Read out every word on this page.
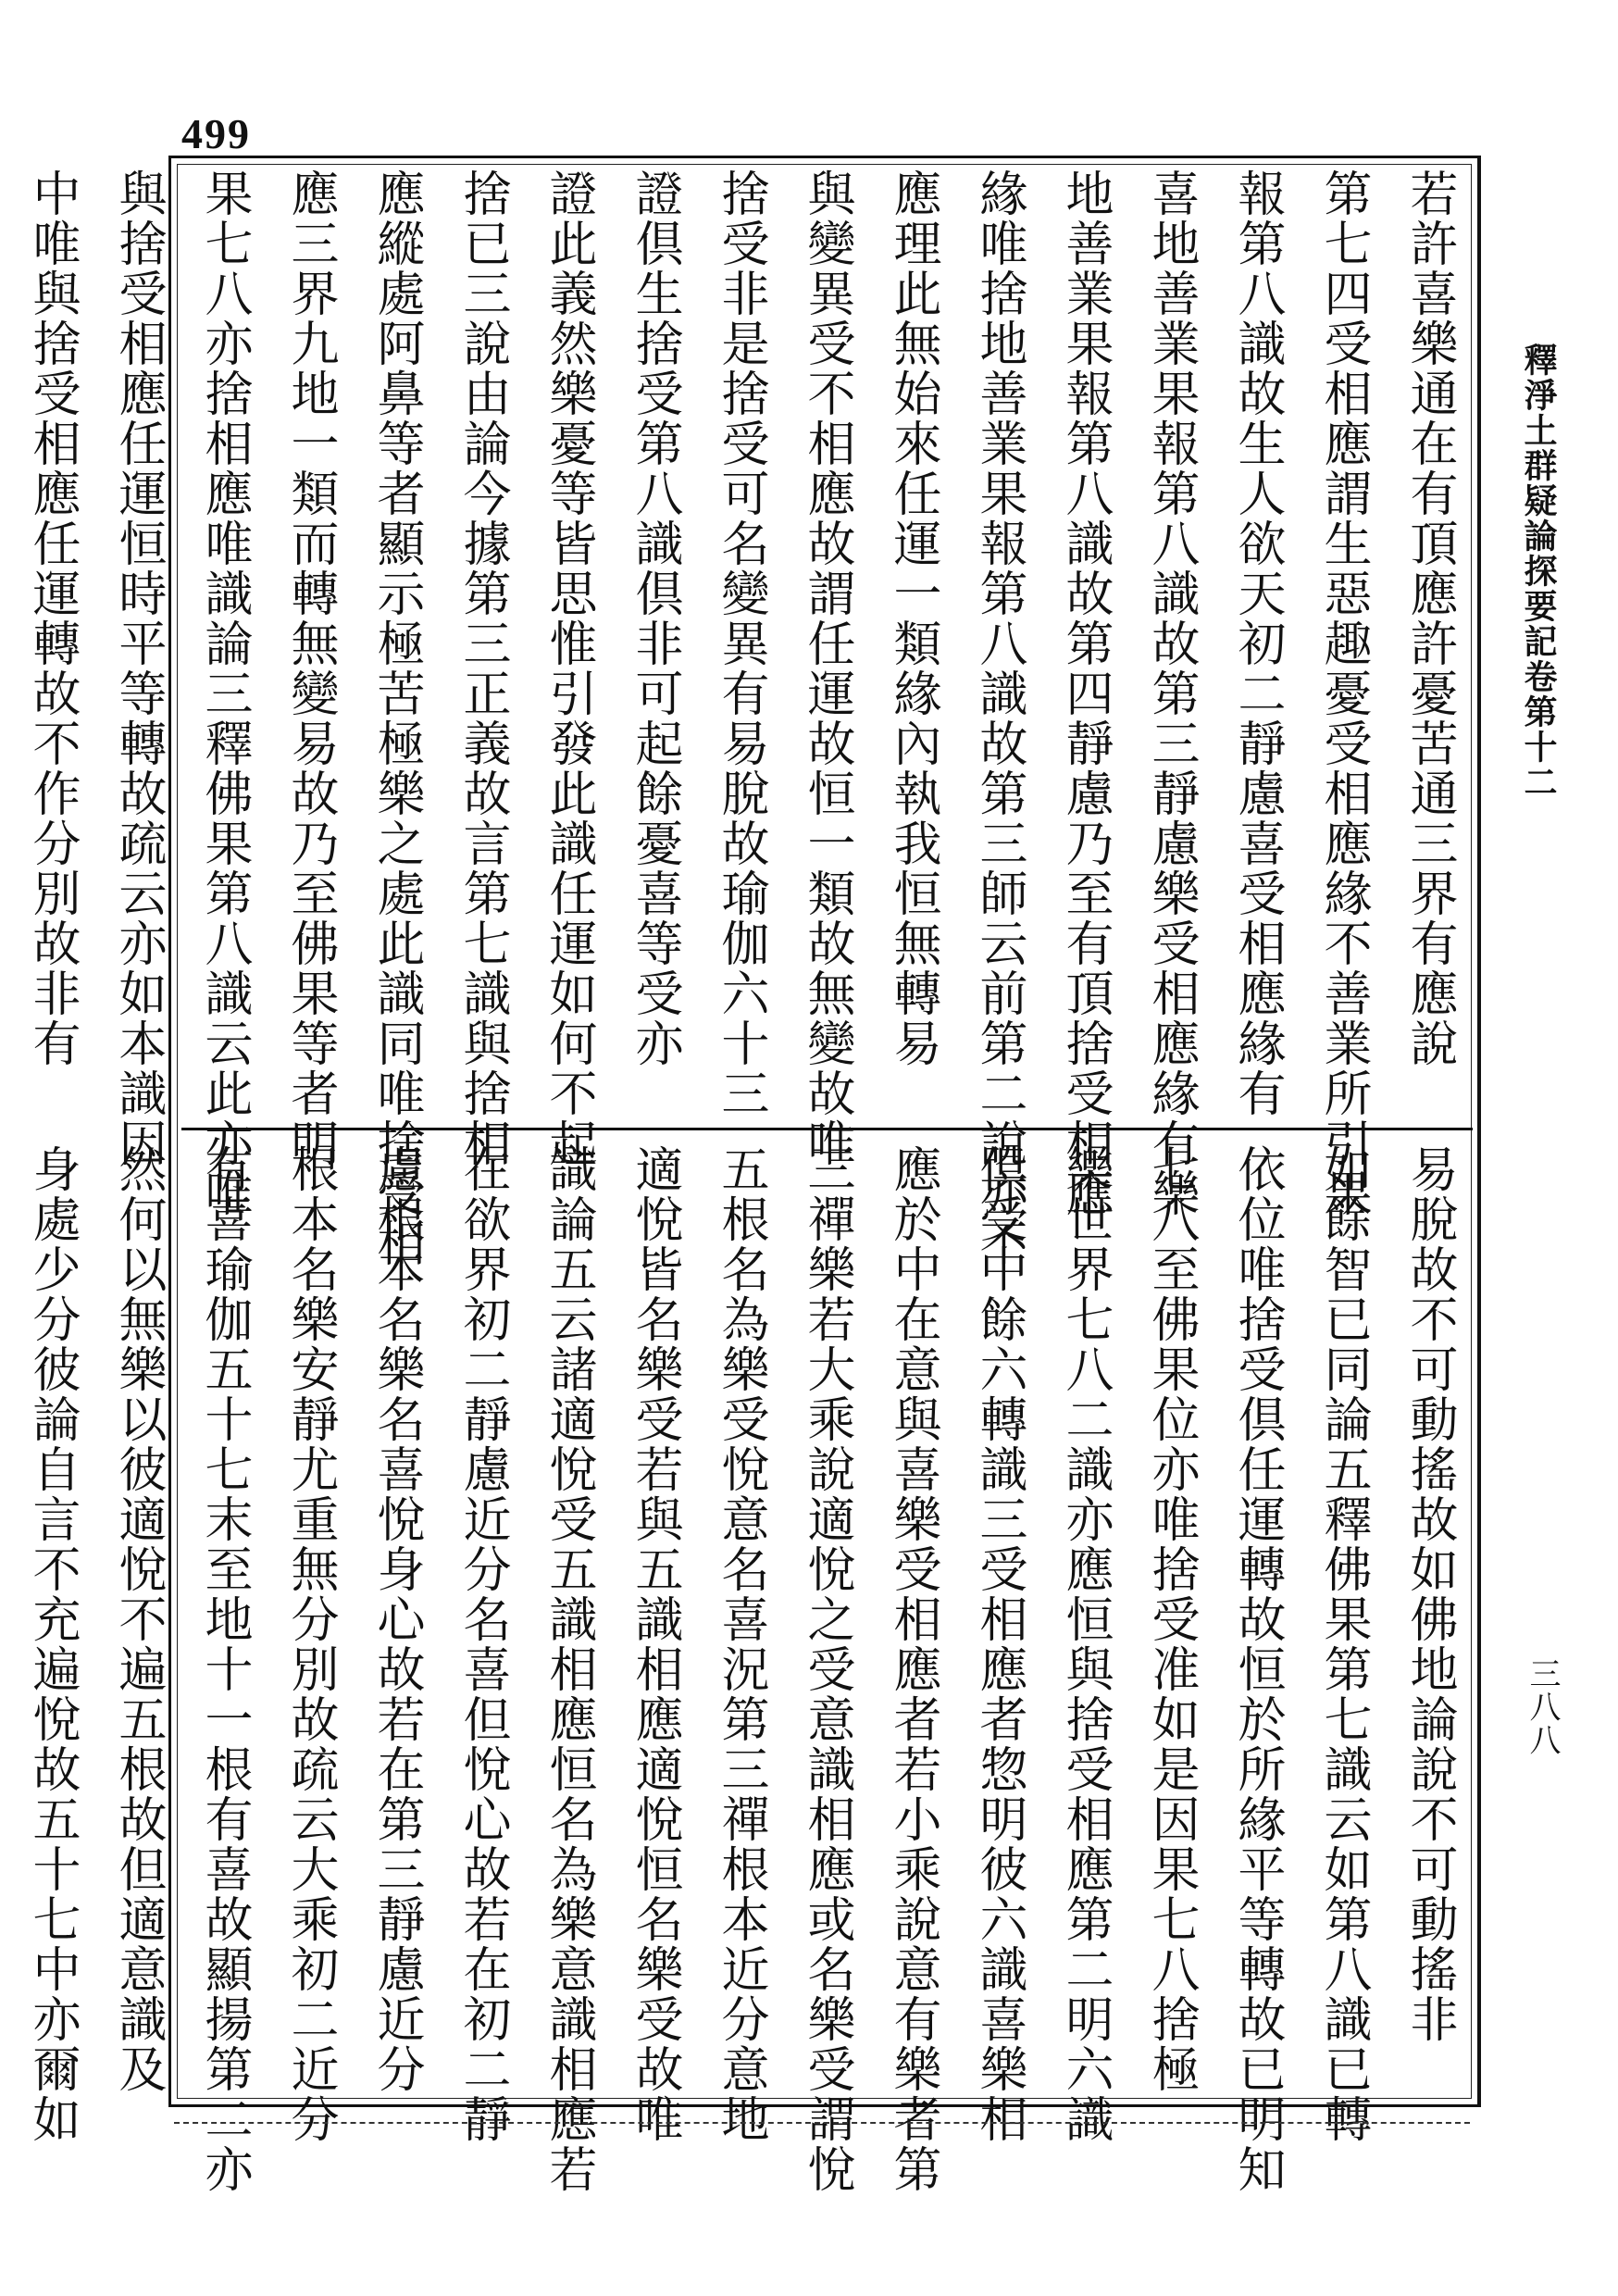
499
若許喜樂通在有頂應許憂苦通三界有應說
第七四受相應謂生惡趣憂受相應緣不善業所引果
報第八識故生人欲天初二靜慮喜受相應緣有
喜地善業果報第八識故第三靜慮樂受相應緣有樂
地善業果報第八識故第四靜慮乃至有頂捨受相應
緣唯捨地善業果報第八識故第三師云前第二說亦不
應理此無始來任運一類緣內執我恒無轉易
與變異受不相應故謂任運故恒一類故無變故唯
捨受非是捨受可名變異有易脫故瑜伽六十三
證倶生捨受第八識倶非可起餘憂喜等受亦
證此義然樂憂等皆思惟引發此識任運如何不起
捨已三說由論今據第三正義故言第七識與捨相
應縱處阿鼻等者顯示極苦極樂之處此識同唯捨受相
應三界九地一類而轉無變易故乃至佛果等者明
果七八亦捨相應唯識論三釋佛果第八識云此亦唯
與捨受相應任運恒時平等轉故疏云亦如本識因
中唯與捨受相應任運轉故不作分別故非有
易脫故不可動搖故如佛地論說不可動搖非
如餘智已同論五釋佛果第七識云如第八識已轉
依位唯捨受倶任運轉故恒於所緣平等轉故已明知
七八至佛果位亦唯捨受准如是因果七八捨極
樂世界七八二識亦應恒與捨受相應第二明六識
倶受中餘六轉識三受相應者惣明彼六識喜樂相
應於中在意與喜樂受相應者若小乘說意有樂者第
三禪樂若大乘說適悅之受意識相應或名樂受謂悅
五根名為樂受悅意名喜況第三禪根本近分意地
適悅皆名樂受若與五識相應適悅恒名樂受故唯
識論五云諸適悅受五識相應恒名為樂意識相應若
在欲界初二靜慮近分名喜但悅心故若在初二靜
慮根本名樂名喜悅身心故若在第三靜慮近分
根本名樂安靜尤重無分別故疏云大乘初二近分
有喜瑜伽五十七末至地十一根有喜故顯揚第二亦
然何以無樂以彼適悅不遍五根故但適意識及
身處少分彼論自言不充遍悅故五十七中亦爾如
釋淨土群疑論探要記卷第十二
三八八
